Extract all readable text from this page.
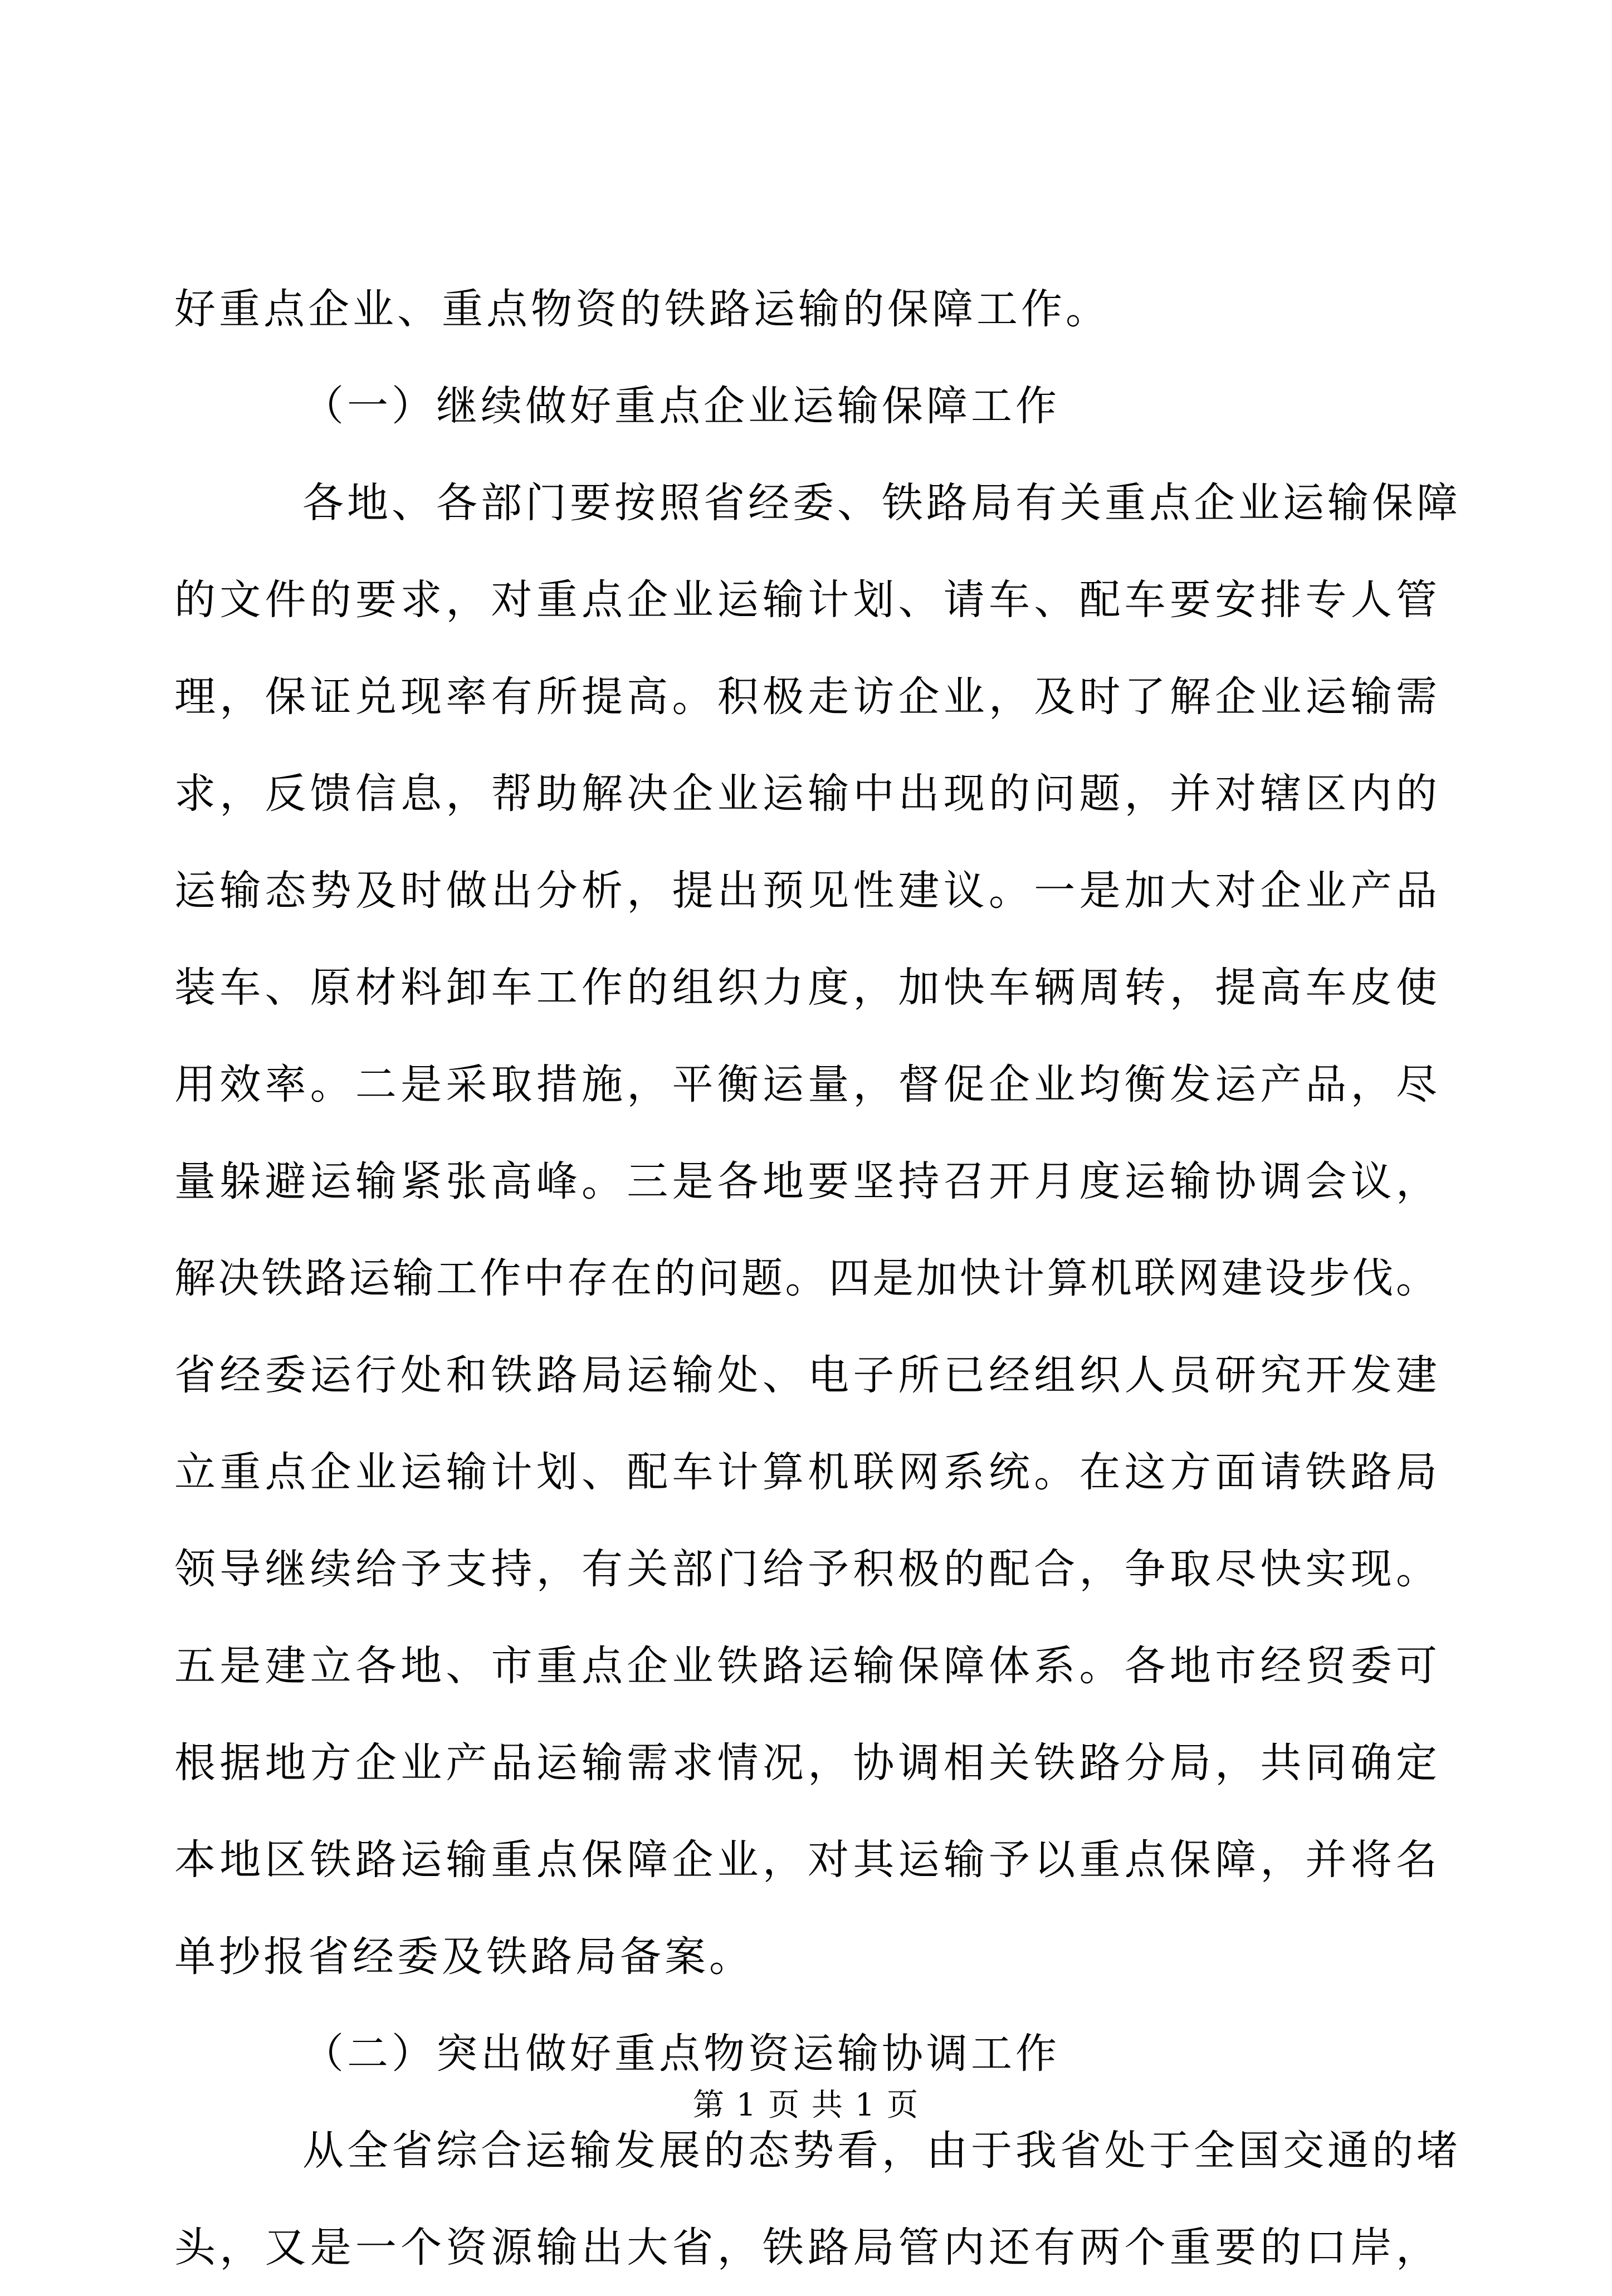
好重点企业、重点物资的铁路运输的保障工作。
（一）继续做好重点企业运输保障工作
各地、各部门要按照省经委、铁路局有关重点企业运输保障
的文件的要求，对重点企业运输计划、请车、配车要安排专人管
理，保证兑现率有所提高。积极走访企业，及时了解企业运输需
求，反馈信息，帮助解决企业运输中出现的问题，并对辖区内的
运输态势及时做出分析，提出预见性建议。一是加大对企业产品
装车、原材料卸车工作的组织力度，加快车辆周转，提高车皮使
用效率。二是采取措施，平衡运量，督促企业均衡发运产品，尽
量躲避运输紧张高峰。三是各地要坚持召开月度运输协调会议，
解决铁路运输工作中存在的问题。四是加快计算机联网建设步伐。
省经委运行处和铁路局运输处、电子所已经组织人员研究开发建
立重点企业运输计划、配车计算机联网系统。在这方面请铁路局
领导继续给予支持，有关部门给予积极的配合，争取尽快实现。
五是建立各地、市重点企业铁路运输保障体系。各地市经贸委可
根据地方企业产品运输需求情况，协调相关铁路分局，共同确定
本地区铁路运输重点保障企业，对其运输予以重点保障，并将名
单抄报省经委及铁路局备案。
（二）突出做好重点物资运输协调工作
从全省综合运输发展的态势看，由于我省处于全国交通的堵
头，又是一个资源输出大省，铁路局管内还有两个重要的口岸，
第 1 页 共 1 页
